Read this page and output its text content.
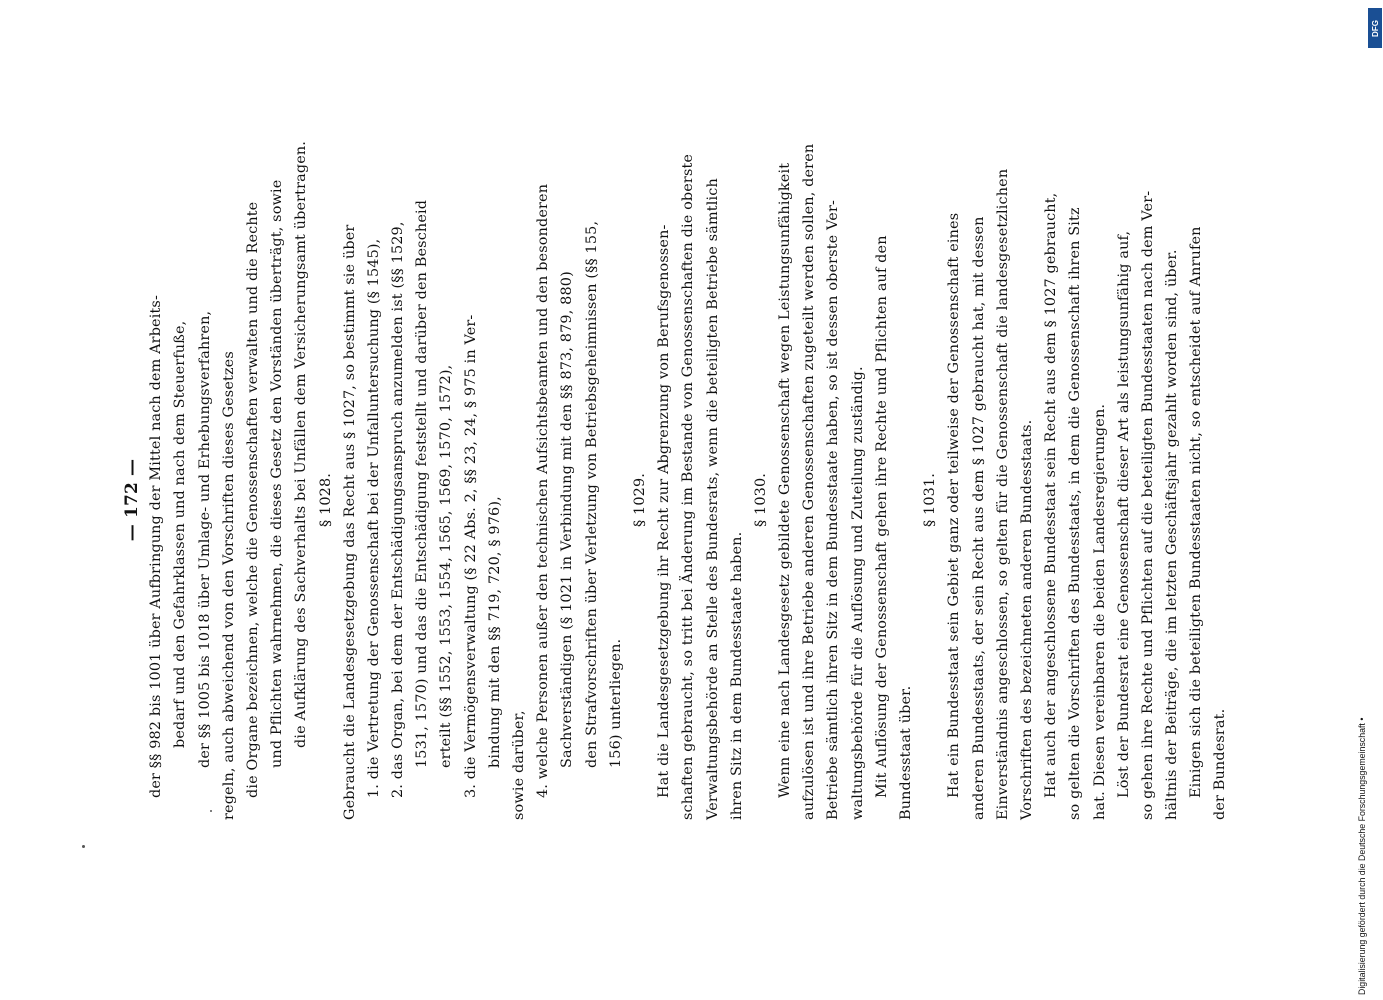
— 172 — der §§ 982 bis 1001 über Aufbringung der Mittel nach dem Arbeits- bedarf und den Gefahrklassen und nach dem Steuerfuße, der §§ 1005 bis 1018 über Umlage- und Erhebungsverfahren, regeln, auch abweichend von den Vorschriften dieses Gesetzes die Organe bezeichnen, welche die Genossenschaften verwalten und die Rechte und Pflichten wahrnehmen, die dieses Gesetz den Vorständen überträgt, sowie die Aufklärung des Sachverhalts bei Unfällen dem Versicherungsamt übertragen. § 1028. Gebraucht die Landesgesetzgebung das Recht aus § 1027, so bestimmt sie über 1. die Vertretung der Genossenschaft bei der Unfalluntersuchung (§ 1545), 2. das Organ, bei dem der Entschädigungsanspruch anzumelden ist (§§ 1529, 1531, 1570) und das die Entschädigung feststellt und darüber den Bescheid erteilt (§§ 1552, 1553, 1554, 1565, 1569, 1570, 1572), 3. die Vermögensverwaltung (§ 22 Abs. 2, §§ 23, 24, § 975 in Ver- bindung mit den §§ 719, 720, § 976), sowie darüber, 4. welche Personen außer den technischen Aufsichtsbeamten und den besonderen Sachverständigen (§ 1021 in Verbindung mit den §§ 873, 879, 880) den Strafvorschriften über Verletzung von Betriebsgeheimnissen (§§ 155, 156) unterliegen.
§ 1029. Hat die Landesgesetzgebung ihr Recht zur Abgrenzung von Berufsgenossen- schaften gebraucht, so tritt bei Änderung im Bestande von Genossenschaften die oberste Verwaltungsbehörde an Stelle des Bundesrats, wenn die beteiligten Betriebe sämtlich ihren Sitz in dem Bundesstaate haben.
§ 1030. Wenn eine nach Landesgesetz gebildete Genossenschaft wegen Leistungsunfähigkeit aufzulösen ist und ihre Betriebe anderen Genossenschaften zugeteilt werden sollen, deren Betriebe sämtlich ihren Sitz in dem Bundesstaate haben, so ist dessen oberste Ver- waltungsbehörde für die Auflösung und Zuteilung zuständig. Mit Auflösung der Genossenschaft gehen ihre Rechte und Pflichten auf den Bundesstaat über.
§ 1031. Hat ein Bundesstaat sein Gebiet ganz oder teilweise der Genossenschaft eines anderen Bundesstaats, der sein Recht aus dem § 1027 gebraucht hat, mit dessen Einverständnis angeschlossen, so gelten für die Genossenschaft die landesgesetzlichen Vorschriften des bezeichneten anderen Bundesstaats. Hat auch der angeschlossene Bundesstaat sein Recht aus dem § 1027 gebraucht, so gelten die Vorschriften des Bundesstaats, in dem die Genossenschaft ihren Sitz hat. Diesen vereinbaren die beiden Landesregierungen. Löst der Bundesrat eine Genossenschaft dieser Art als leistungsunfähig auf, so gehen ihre Rechte und Pflichten auf die beteiligten Bundesstaaten nach dem Ver- hältnis der Beiträge, die im letzten Geschäftsjahr gezahlt worden sind, über. Einigen sich die beteiligten Bundesstaaten nicht, so entscheidet auf Anrufen der Bundesrat.	Digitalisierung gefördert durch die Deutsche Forschungsgemeinschaft •
DFG
